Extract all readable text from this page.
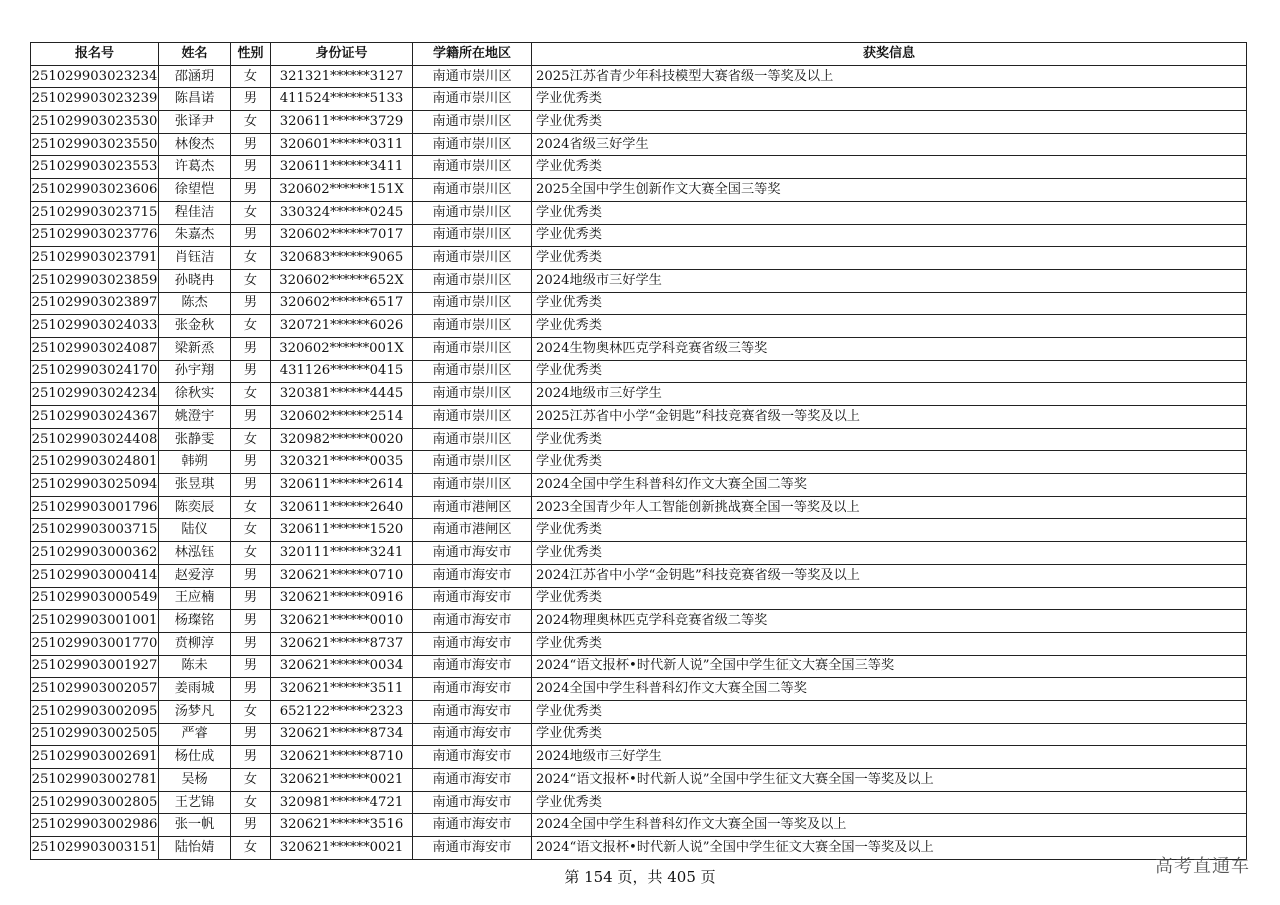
报名号	姓名	性别	身份证号	学籍所在地区	获奖信息
251029903023234	邵涵玥	女	321321******3127	南通市崇川区	2025江苏省青少年科技模型大赛省级一等奖及以上
251029903023239	陈昌诺	男	411524******5133	南通市崇川区	学业优秀类
251029903023530	张译尹	女	320611******3729	南通市崇川区	学业优秀类
251029903023550	林俊杰	男	320601******0311	南通市崇川区	2024省级三好学生
251029903023553	许葛杰	男	320611******3411	南通市崇川区	学业优秀类
251029903023606	徐望恺	男	320602******151X	南通市崇川区	2025全国中学生创新作文大赛全国三等奖
251029903023715	程佳洁	女	330324******0245	南通市崇川区	学业优秀类
251029903023776	朱嘉杰	男	320602******7017	南通市崇川区	学业优秀类
251029903023791	肖钰洁	女	320683******9065	南通市崇川区	学业优秀类
251029903023859	孙晓冉	女	320602******652X	南通市崇川区	2024地级市三好学生
251029903023897	陈杰	男	320602******6517	南通市崇川区	学业优秀类
251029903024033	张金秋	女	320721******6026	南通市崇川区	学业优秀类
251029903024087	梁新烝	男	320602******001X	南通市崇川区	2024生物奥林匹克学科竞赛省级三等奖
251029903024170	孙宇翔	男	431126******0415	南通市崇川区	学业优秀类
251029903024234	徐秋实	女	320381******4445	南通市崇川区	2024地级市三好学生
251029903024367	姚澄宇	男	320602******2514	南通市崇川区	2025江苏省中小学“金钥匙”科技竞赛省级一等奖及以上
251029903024408	张静雯	女	320982******0020	南通市崇川区	学业优秀类
251029903024801	韩朔	男	320321******0035	南通市崇川区	学业优秀类
251029903025094	张昱琪	男	320611******2614	南通市崇川区	2024全国中学生科普科幻作文大赛全国二等奖
251029903001796	陈奕辰	女	320611******2640	南通市港闸区	2023全国青少年人工智能创新挑战赛全国一等奖及以上
251029903003715	陆仪	女	320611******1520	南通市港闸区	学业优秀类
251029903000362	林泓钰	女	320111******3241	南通市海安市	学业优秀类
251029903000414	赵爱淳	男	320621******0710	南通市海安市	2024江苏省中小学“金钥匙”科技竞赛省级一等奖及以上
251029903000549	王应楠	男	320621******0916	南通市海安市	学业优秀类
251029903001001	杨璨铭	男	320621******0010	南通市海安市	2024物理奥林匹克学科竞赛省级二等奖
251029903001770	贲柳淳	男	320621******8737	南通市海安市	学业优秀类
251029903001927	陈未	男	320621******0034	南通市海安市	2024“语文报杯•时代新人说”全国中学生征文大赛全国三等奖
251029903002057	姜雨城	男	320621******3511	南通市海安市	2024全国中学生科普科幻作文大赛全国二等奖
251029903002095	汤梦凡	女	652122******2323	南通市海安市	学业优秀类
251029903002505	严睿	男	320621******8734	南通市海安市	学业优秀类
251029903002691	杨仕成	男	320621******8710	南通市海安市	2024地级市三好学生
251029903002781	吴杨	女	320621******0021	南通市海安市	2024“语文报杯•时代新人说”全国中学生征文大赛全国一等奖及以上
251029903002805	王艺锦	女	320981******4721	南通市海安市	学业优秀类
251029903002986	张一帆	男	320621******3516	南通市海安市	2024全国中学生科普科幻作文大赛全国一等奖及以上
251029903003151	陆怡婧	女	320621******0021	南通市海安市	2024“语文报杯•时代新人说”全国中学生征文大赛全国一等奖及以上
第 154 页，共 405 页	高考直通车
